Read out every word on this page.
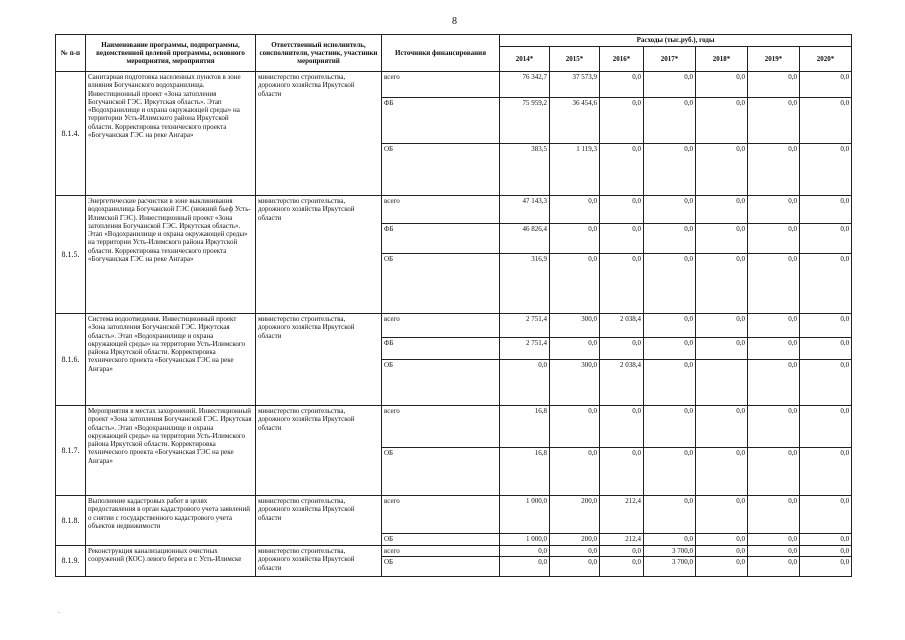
8
№ п-п	Наименование программы, подпрограммы, ведомственной целевой программы, основного мероприятия, мероприятия	Ответственный исполнитель, соисполнители, участник, участники мероприятий	Источники финансирования	Расходы (тыс.руб.), годы						
				2014*	2015*	2016*	2017*	2018*	2019*	2020*
8.1.4.	Санитарная подготовка населенных пунктов в зоне влияния Богучанского водохранилища. Инвестиционный проект «Зона затопления Богучанской ГЭС. Иркутская область». Этап «Водохранилище и охрана окружающей среды» на территории Усть-Илимского района Иркутской области. Корректировка технического проекта «Богучанская ГЭС на реке Ангара»	министерство строительства, дорожного хозяйства Иркутской области	всего	76 342,7	37 573,9	0,0	0,0	0,0	0,0	0,0
			ФБ	75 959,2	36 454,6	0,0	0,0	0,0	0,0	0,0
			ОБ	383,5	1 119,3	0,0	0,0	0,0	0,0	0,0
8.1.5.	Энергетические расчистки в зоне выклинивания водохранилища Богучанской ГЭС (нижний бьеф Усть-Илимской ГЭС). Инвестиционный проект «Зона затопления Богучанской ГЭС. Иркутская область». Этап «Водохранилище и охрана окружающей среды» на территории Усть-Илимского района Иркутской области. Корректировка технического проекта «Богучанская ГЭС на реке Ангара»	министерство строительства, дорожного хозяйства Иркутской области	всего	47 143,3	0,0	0,0	0,0	0,0	0,0	0,0
			ФБ	46 826,4	0,0	0,0	0,0	0,0	0,0	0,0
			ОБ	316,9	0,0	0,0	0,0	0,0	0,0	0,0
8.1.6.	Система водоотведения. Инвестиционный проект «Зона затопления Богучанской ГЭС. Иркутская область». Этап «Водохранилище и охрана окружающей среды» на территории Усть-Илимского района Иркутской области. Корректировка технического проекта «Богучанская ГЭС на реке Ангара»	министерство строительства, дорожного хозяйства Иркутской области	всего	2 751,4	300,0	2 038,4	0,0	0,0	0,0	0,0
			ФБ	2 751,4	0,0	0,0	0,0	0,0	0,0	0,0
			ОБ	0,0	300,0	2 038,4	0,0		0,0	0,0
8.1.7.	Мероприятия в местах захоронений. Инвестиционный проект «Зона затопления Богучанской ГЭС. Иркутская область». Этап «Водохранилище и охрана окружающей среды» на территории Усть-Илимского района Иркутской области. Корректировка технического проекта «Богучанская ГЭС на реке Ангара»	министерство строительства, дорожного хозяйства Иркутской области	всего	16,8	0,0	0,0	0,0	0,0	0,0	0,0
			ОБ	16,8	0,0	0,0	0,0	0,0	0,0	0,0
8.1.8.	Выполнение кадастровых работ в целях предоставления в орган кадастрового учета заявлений о снятии с государственного кадастрового учета объектов недвижимости	министерство строительства, дорожного хозяйства Иркутской области	всего	1 000,0	200,0	212,4	0,0	0,0	0,0	0,0
			ОБ	1 000,0	200,0	212,4	0,0	0,0	0,0	0,0
8.1.9.	Реконструкция канализационных очистных сооружений (КОС) левого берега в г. Усть-Илимске	министерство строительства, дорожного хозяйства Иркутской области	всего	0,0	0,0	0,0	3 700,0	0,0	0,0	0,0
			ОБ	0,0	0,0	0,0	3 700,0	0,0	0,0	0,0
.
